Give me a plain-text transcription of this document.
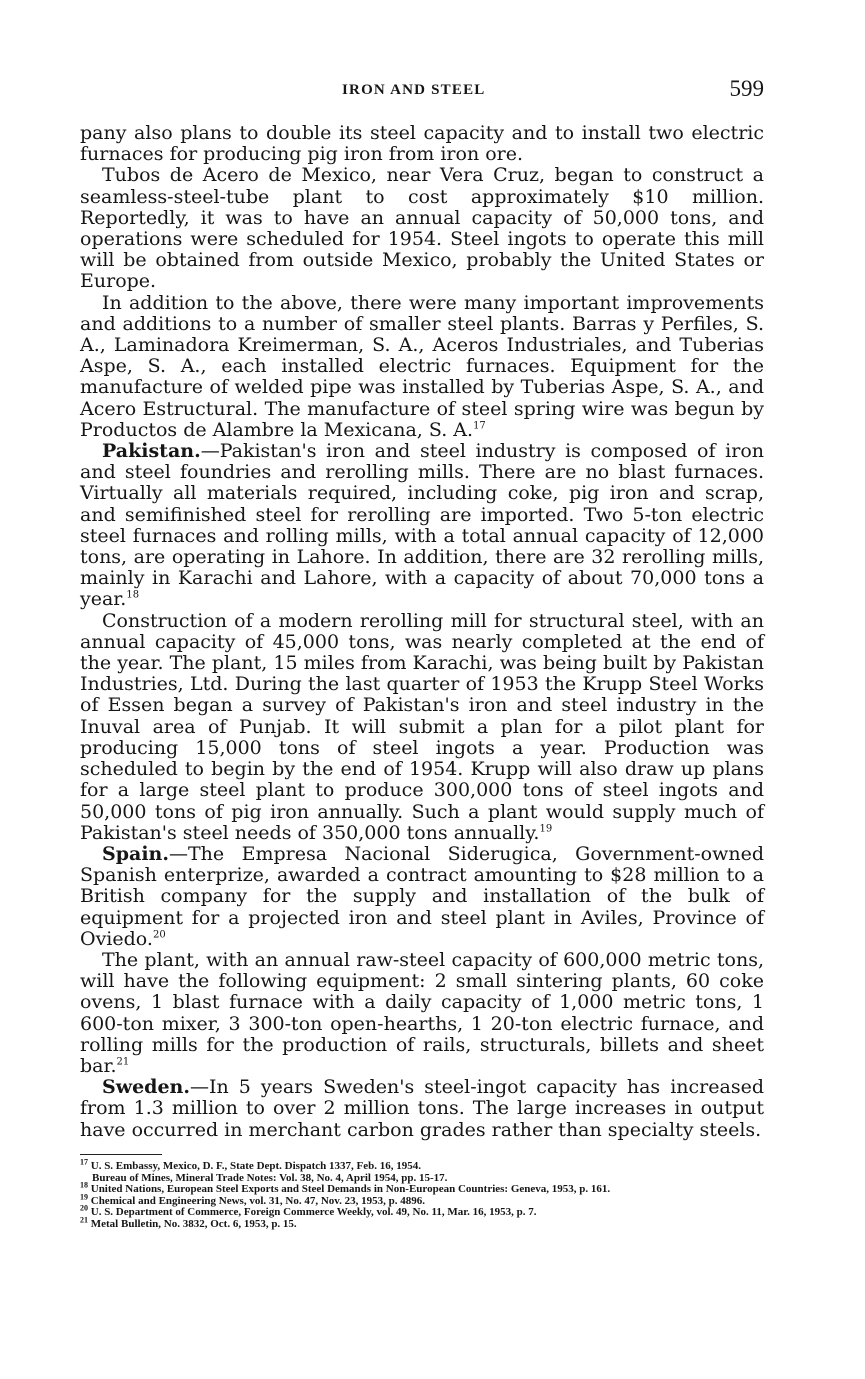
IRON AND STEEL	599

pany also plans to double its steel capacity and to install two electric furnaces for producing pig iron from iron ore.

Tubos de Acero de Mexico, near Vera Cruz, began to construct a seamless-steel-tube plant to cost approximately $10 million. Reportedly, it was to have an annual capacity of 50,000 tons, and operations were scheduled for 1954. Steel ingots to operate this mill will be obtained from outside Mexico, probably the United States or Europe.

In addition to the above, there were many important improvements and additions to a number of smaller steel plants. Barras y Perfiles, S. A., Laminadora Kreimerman, S. A., Aceros Industriales, and Tuberias Aspe, S. A., each installed electric furnaces. Equipment for the manufacture of welded pipe was installed by Tuberias Aspe, S. A., and Acero Estructural. The manufacture of steel spring wire was begun by Productos de Alambre la Mexicana, S. A.$^{17}$

Pakistan.—Pakistan's iron and steel industry is composed of iron and steel foundries and rerolling mills. There are no blast furnaces. Virtually all materials required, including coke, pig iron and scrap, and semifinished steel for rerolling are imported. Two 5-ton electric steel furnaces and rolling mills, with a total annual capacity of 12,000 tons, are operating in Lahore. In addition, there are 32 rerolling mills, mainly in Karachi and Lahore, with a capacity of about 70,000 tons a year.$^{18}$

Construction of a modern rerolling mill for structural steel, with an annual capacity of 45,000 tons, was nearly completed at the end of the year. The plant, 15 miles from Karachi, was being built by Pakistan Industries, Ltd. During the last quarter of 1953 the Krupp Steel Works of Essen began a survey of Pakistan's iron and steel industry in the Inuval area of Punjab. It will submit a plan for a pilot plant for producing 15,000 tons of steel ingots a year. Production was scheduled to begin by the end of 1954. Krupp will also draw up plans for a large steel plant to produce 300,000 tons of steel ingots and 50,000 tons of pig iron annually. Such a plant would supply much of Pakistan's steel needs of 350,000 tons annually.$^{19}$

Spain.—The Empresa Nacional Siderugica, Government-owned Spanish enterprize, awarded a contract amounting to $28 million to a British company for the supply and installation of the bulk of equipment for a projected iron and steel plant in Aviles, Province of Oviedo.$^{20}$

The plant, with an annual raw-steel capacity of 600,000 metric tons, will have the following equipment: 2 small sintering plants, 60 coke ovens, 1 blast furnace with a daily capacity of 1,000 metric tons, 1 600-ton mixer, 3 300-ton open-hearths, 1 20-ton electric furnace, and rolling mills for the production of rails, structurals, billets and sheet bar.$^{21}$

Sweden.—In 5 years Sweden's steel-ingot capacity has increased from 1.3 million to over 2 million tons. The large increases in output have occurred in merchant carbon grades rather than specialty steels.

$^{17}$ U. S. Embassy, Mexico, D. F., State Dept. Dispatch 1337, Feb. 16, 1954.
Bureau of Mines, Mineral Trade Notes: Vol. 38, No. 4, April 1954, pp. 15-17.
$^{18}$ United Nations, European Steel Exports and Steel Demands in Non-European Countries: Geneva, 1953, p. 161.
$^{19}$ Chemical and Engineering News, vol. 31, No. 47, Nov. 23, 1953, p. 4896.
$^{20}$ U. S. Department of Commerce, Foreign Commerce Weekly, vol. 49, No. 11, Mar. 16, 1953, p. 7.
$^{21}$ Metal Bulletin, No. 3832, Oct. 6, 1953, p. 15.
